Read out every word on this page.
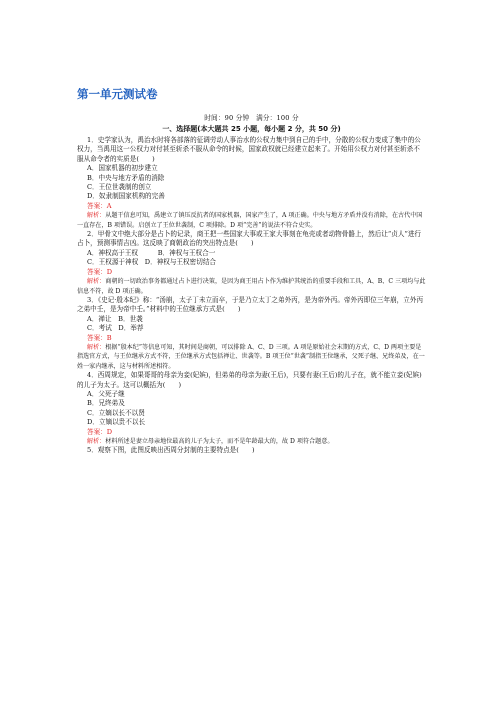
第一单元测试卷
时间：90 分钟　满分：100 分
一、选择题(本大题共 25 小题，每小题 2 分，共 50 分)

1．史学家认为，禹治水时将各部落的征调劳动人事治水的公权力集中到自己的手中，分散的公权力变成了集中的公权力，当禹用这一公权力对付甚至斩杀不服从命令的时候，国家政权就已经建立起来了。开始用公权力对付甚至斩杀不服从命令者的实质是(　　)

A．国家机器的初步建立

B．中央与地方矛盾的消除

C．王位世袭制的创立

D．奴隶制国家机构的完善

答案：A

解析：从题干信息可知，禹建立了镇压反抗者的国家机器，国家产生了，A 项正确。中央与地方矛盾并没有消除，在古代中国一直存在，B 项错误。启创立了王位世袭制，C 项排除。D 项“完善”的说法不符合史实。

2．甲骨文中绝大部分是占卜的记录，商王把一些国家大事或王家大事刻在龟壳或者动物骨骼上，然后让“贞人”进行占卜，预测事情吉凶。这反映了商朝政治的突出特点是(　　)

A．神权高于王权　　　B．神权与王权合一

C．王权源于神权　D．神权与王权密切结合

答案：D

解析：商朝的一切政治事务都通过占卜进行决策，是因为商王用占卜作为维护其统治的重要手段和工具，A、B、C 三项均与此信息不符，故 D 项正确。

3．《史记·殷本纪》称：“汤崩，太子丁未立而卒，于是乃立太丁之弟外丙，是为帝外丙。帝外丙即位三年崩，立外丙之弟中壬，是为帝中壬。”材料中的王位继承方式是(　　)

A．禅让　B．世袭

C．考试　D．举荐

答案：B

解析：根据“殷本纪”等信息可知，其时间是商朝，可以排除 A、C、D 三项。A 项是原始社会末期的方式，C、D 两项主要是指选官方式，与王位继承方式不符，王位继承方式包括禅让、世袭等。B 项王位“世袭”制指王位继承，父死子继、兄终弟及，在一姓一家内继承，这与材料所述相符。

4．西周规定，如果哥哥的母亲为妾(妃嫔)，但弟弟的母亲为妻(王后)，只要有妻(王后)的儿子在，就不能立妾(妃嫔)的儿子为太子。这可以概括为(　　)

A．父死子继

B．兄终弟及

C．立嫡以长不以贤

D．立嫡以贵不以长

答案：D

解析：材料所述是妻立母亲地位最高的儿子为太子，而不是年龄最大的，故 D 项符合题意。

5．观察下图，此图反映出西周分封制的主要特点是(　　)
